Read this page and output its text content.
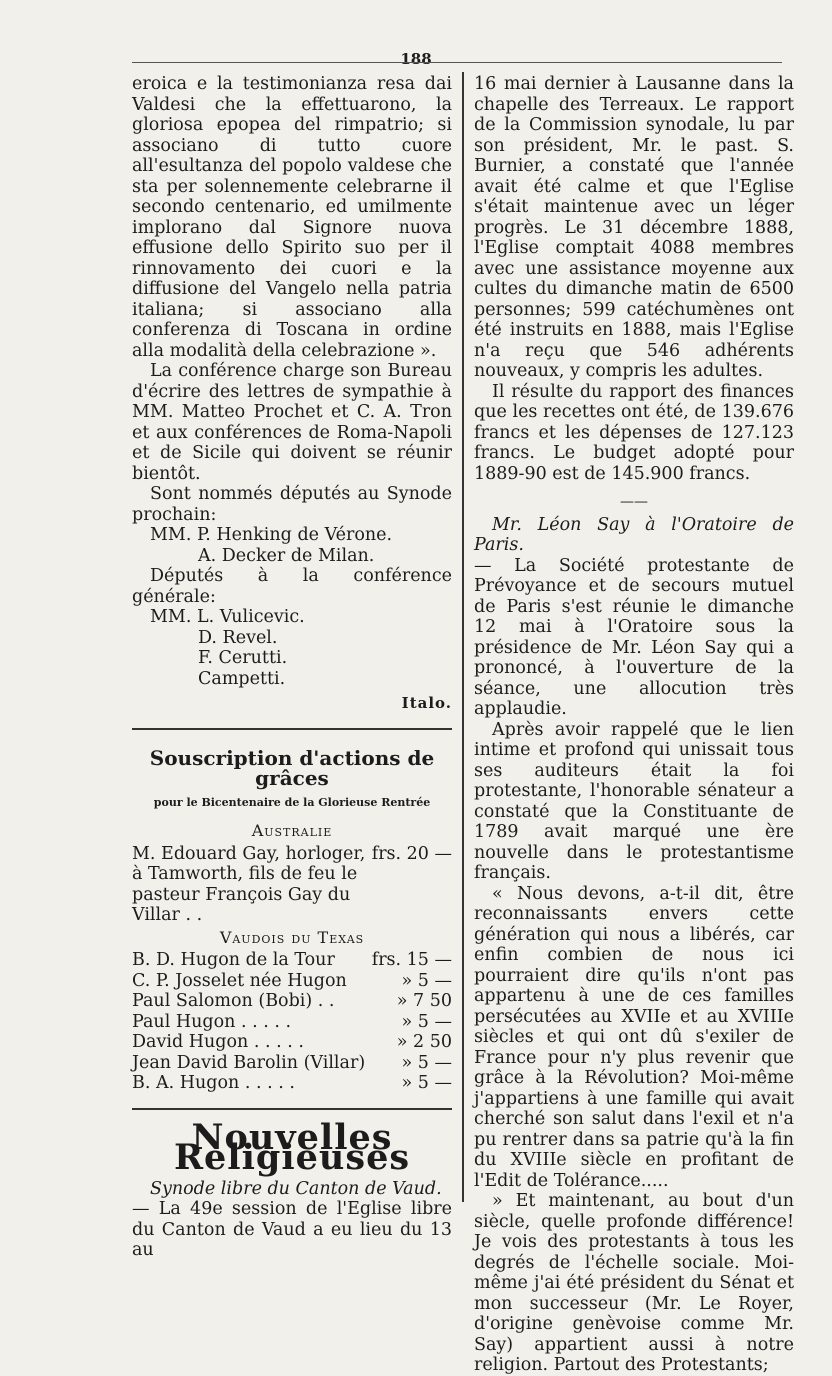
188

eroica e la testimonianza resa dai Valdesi che la effettuarono, la gloriosa epopea del rimpatrio; si associano di tutto cuore all'esultanza del popolo valdese che sta per solennemente celebrarne il secondo centenario, ed umilmente implorano dal Signore nuova effusione dello Spirito suo per il rinnovamento dei cuori e la diffusione del Vangelo nella patria italiana; si associano alla conferenza di Toscana in ordine alla modalità della celebrazione ».

La conférence charge son Bureau d'écrire des lettres de sympathie à MM. Matteo Prochet et C. A. Tron et aux conférences de Roma-Napoli et de Sicile qui doivent se réunir bientôt.

Sont nommés députés au Synode prochain:

MM. P. Henking de Vérone.
A. Decker de Milan.

Députés à la conférence générale:

MM. L. Vulicevic.
D. Revel.
F. Cerutti.
Campetti.
Italo.
Souscription d'actions de grâces
pour le Bicentenaire de la Glorieuse Rentrée
Australie
M. Edouard Gay, horloger, à Tamworth, fils de feu le pasteur François Gay du Villar . .
frs. 20 —
Vaudois du Texas
B. D. Hugon de la Tour frs. 15 —
C. P. Josselet née Hugon	» 5 —
Paul Salomon (Bobi) . .	» 7 50
Paul Hugon . . . . .	» 5 —
David Hugon . . . . .	» 2 50
Jean David Barolin (Villar) » 5 —
B. A. Hugon . . . . .	» 5 —
Nouvelles Religieuses

Synode libre du Canton de Vaud.

— La 49e session de l'Eglise libre du Canton de Vaud a eu lieu du 13 au

16 mai dernier à Lausanne dans la chapelle des Terreaux. Le rapport de la Commission synodale, lu par son président, Mr. le past. S. Burnier, a constaté que l'année avait été calme et que l'Eglise s'était maintenue avec un léger progrès. Le 31 décembre 1888, l'Eglise comptait 4088 membres avec une assistance moyenne aux cultes du dimanche matin de 6500 personnes; 599 catéchumènes ont été instruits en 1888, mais l'Eglise n'a reçu que 546 adhérents nouveaux, y compris les adultes.

Il résulte du rapport des finances que les recettes ont été, de 139.676 francs et les dépenses de 127.123 francs. Le budget adopté pour 1889-90 est de 145.900 francs.

——

Mr. Léon Say à l'Oratoire de Paris.

— La Société protestante de Prévoyance et de secours mutuel de Paris s'est réunie le dimanche 12 mai à l'Oratoire sous la présidence de Mr. Léon Say qui a prononcé, à l'ouverture de la séance, une allocution très applaudie.

Après avoir rappelé que le lien intime et profond qui unissait tous ses auditeurs était la foi protestante, l'honorable sénateur a constaté que la Constituante de 1789 avait marqué une ère nouvelle dans le protestantisme français.

« Nous devons, a-t-il dit, être reconnaissants envers cette génération qui nous a libérés, car enfin combien de nous ici pourraient dire qu'ils n'ont pas appartenu à une de ces familles persécutées au XVIIe et au XVIIIe siècles et qui ont dû s'exiler de France pour n'y plus revenir que grâce à la Révolution? Moi-même j'appartiens à une famille qui avait cherché son salut dans l'exil et n'a pu rentrer dans sa patrie qu'à la fin du XVIIIe siècle en profitant de l'Edit de Tolérance.....

» Et maintenant, au bout d'un siècle, quelle profonde différence! Je vois des protestants à tous les degrés de l'échelle sociale. Moi-même j'ai été président du Sénat et mon successeur (Mr. Le Royer, d'origine genèvoise comme Mr. Say) appartient aussi à notre religion. Partout des Protestants;
